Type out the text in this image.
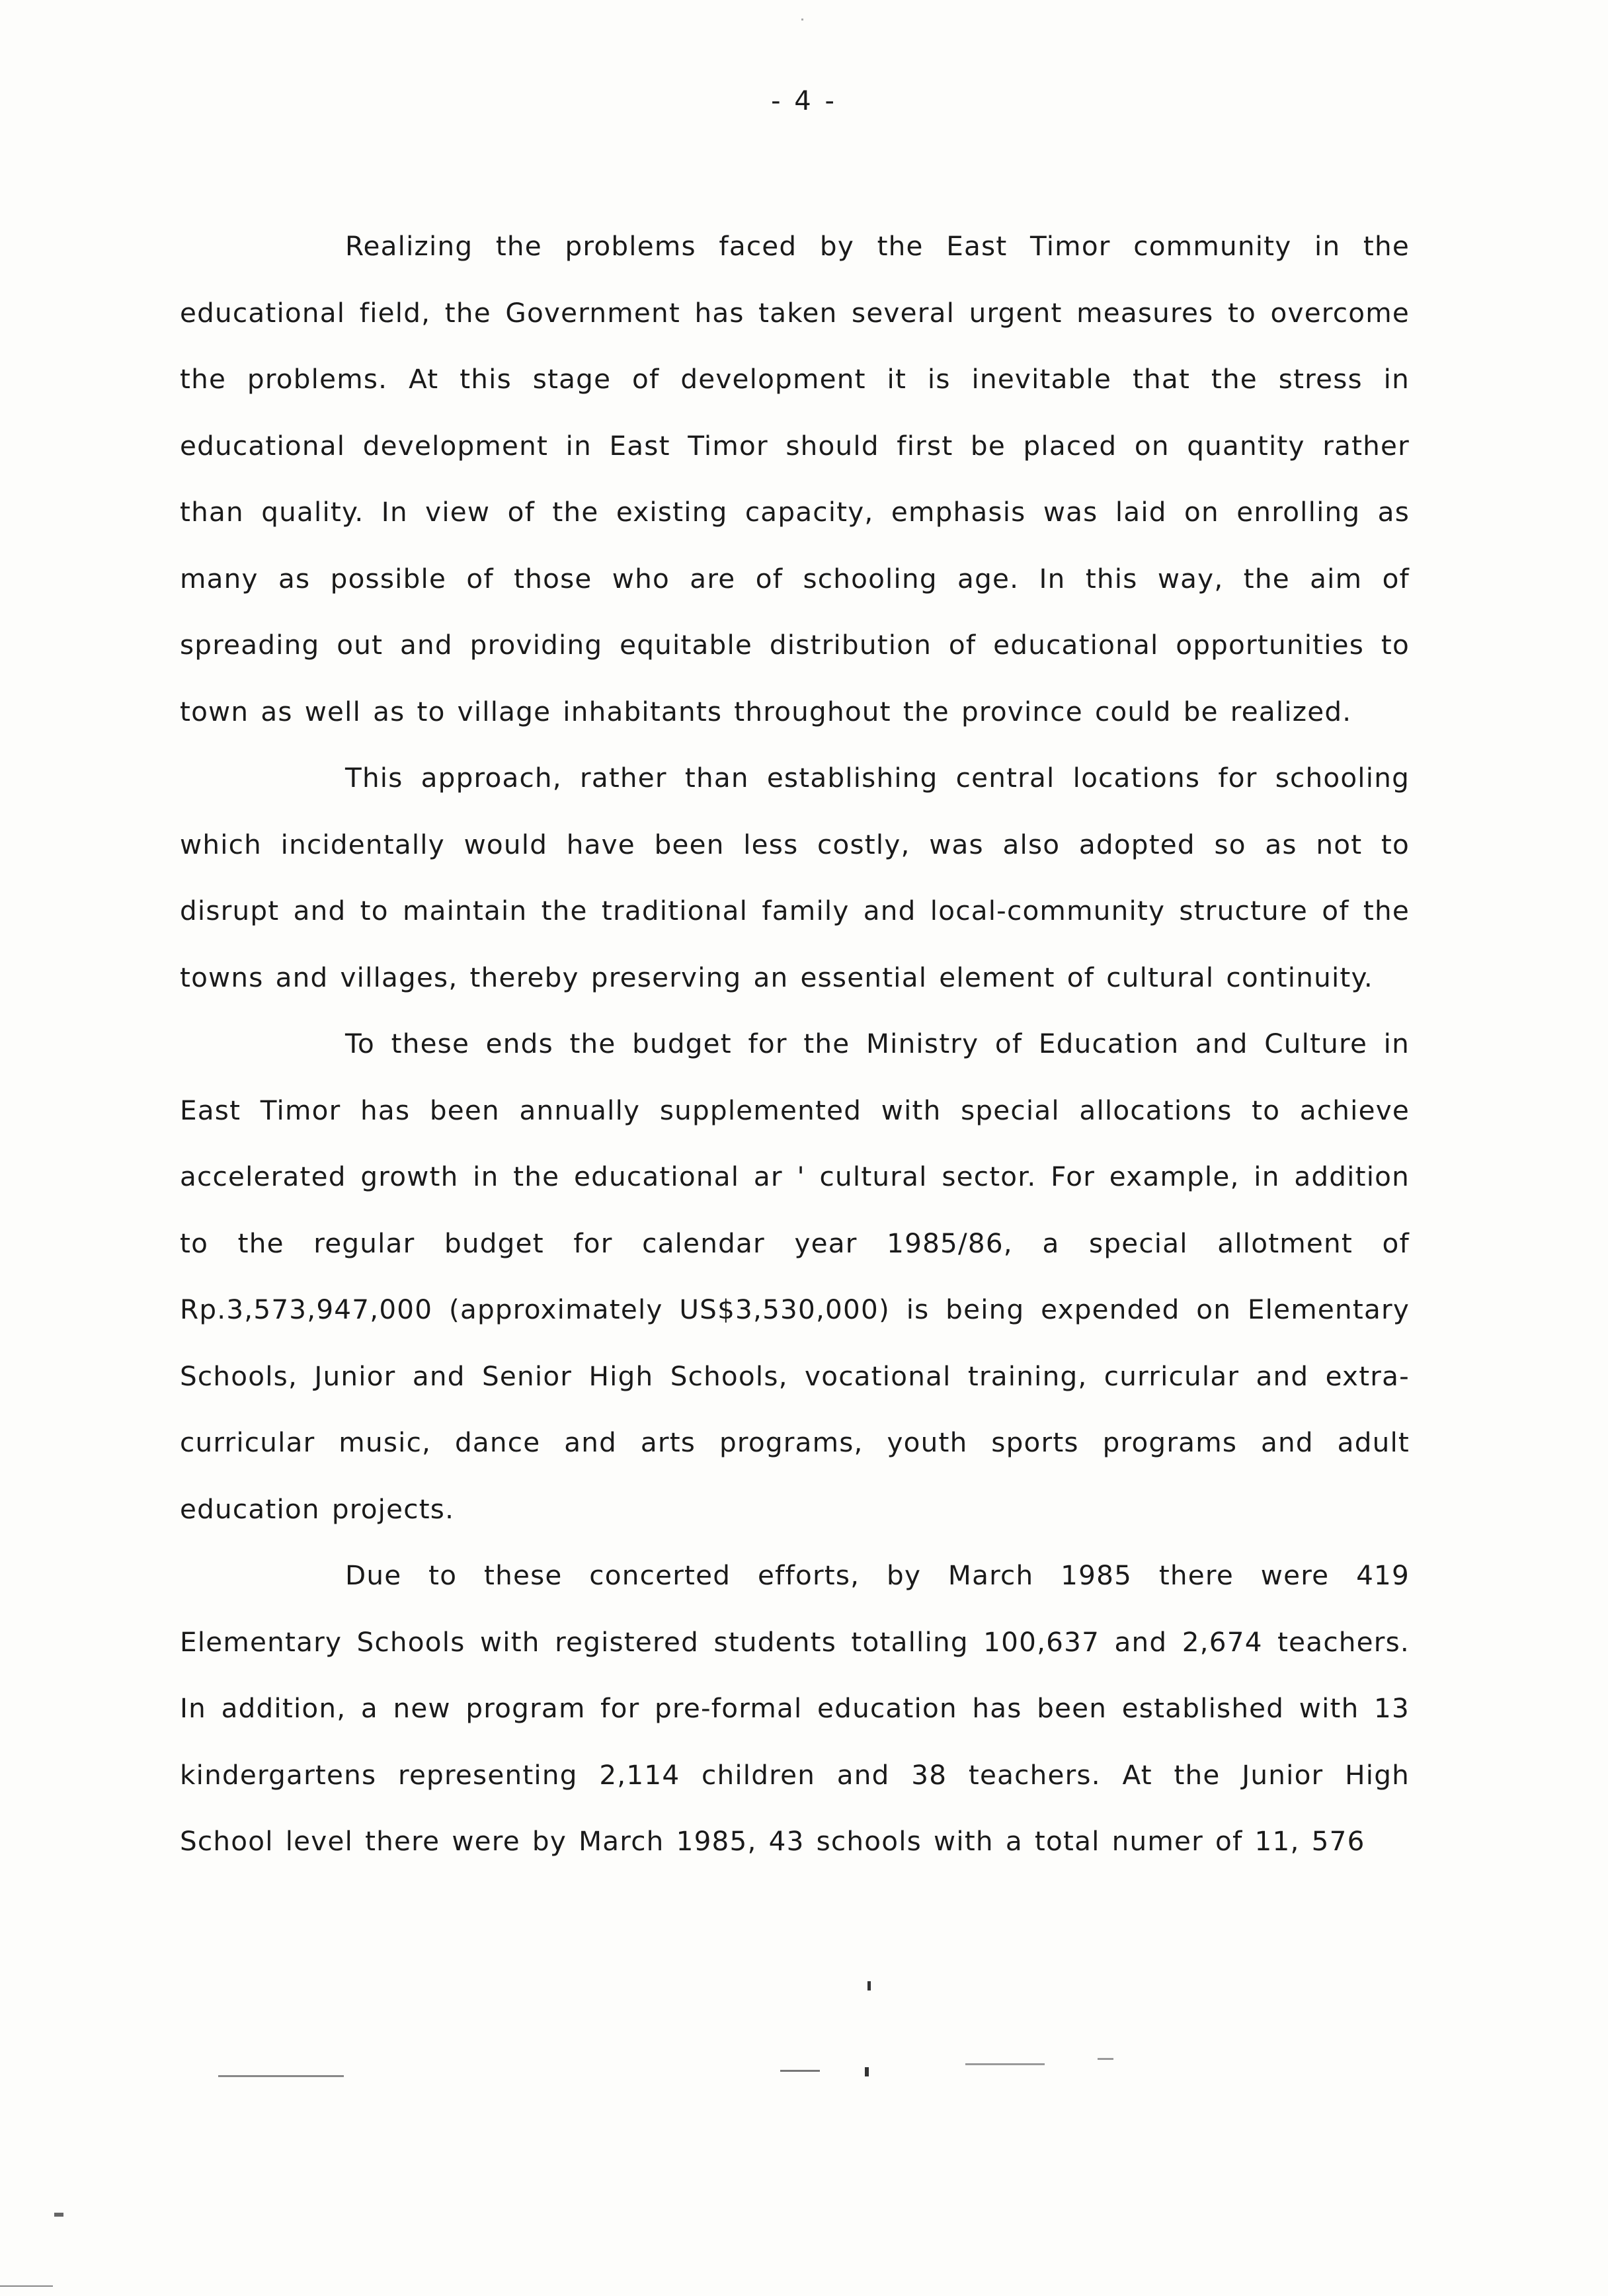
- 4 -

Realizing the problems faced by the East Timor community in the educational field, the Government has taken several urgent measures to overcome the problems. At this stage of development it is inevitable that the stress in educational development in East Timor should first be placed on quantity rather than quality. In view of the existing capacity, emphasis was laid on enrolling as many as possible of those who are of schooling age. In this way, the aim of spreading out and providing equitable distribution of educational opportunities to town as well as to village inhabitants throughout the province could be realized.

This approach, rather than establishing central locations for schooling which incidentally would have been less costly, was also adopted so as not to disrupt and to maintain the traditional family and local-community structure of the towns and villages, thereby preserving an essential element of cultural continuity.

To these ends the budget for the Ministry of Education and Culture in East Timor has been annually supplemented with special allocations to achieve accelerated growth in the educational ar ' cultural sector. For example, in addition to the regular budget for calendar year 1985/86, a special allotment of Rp.3,573,947,000 (approximately US$3,530,000) is being expended on Elementary Schools, Junior and Senior High Schools, vocational training, curricular and extra-curricular music, dance and arts programs, youth sports programs and adult education projects.

Due to these concerted efforts, by March 1985 there were 419 Elementary Schools with registered students totalling 100,637 and 2,674 teachers. In addition, a new program for pre-formal education has been established with 13 kindergartens representing 2,114 children and 38 teachers. At the Junior High School level there were by March 1985, 43 schools with a total numer of 11, 576
